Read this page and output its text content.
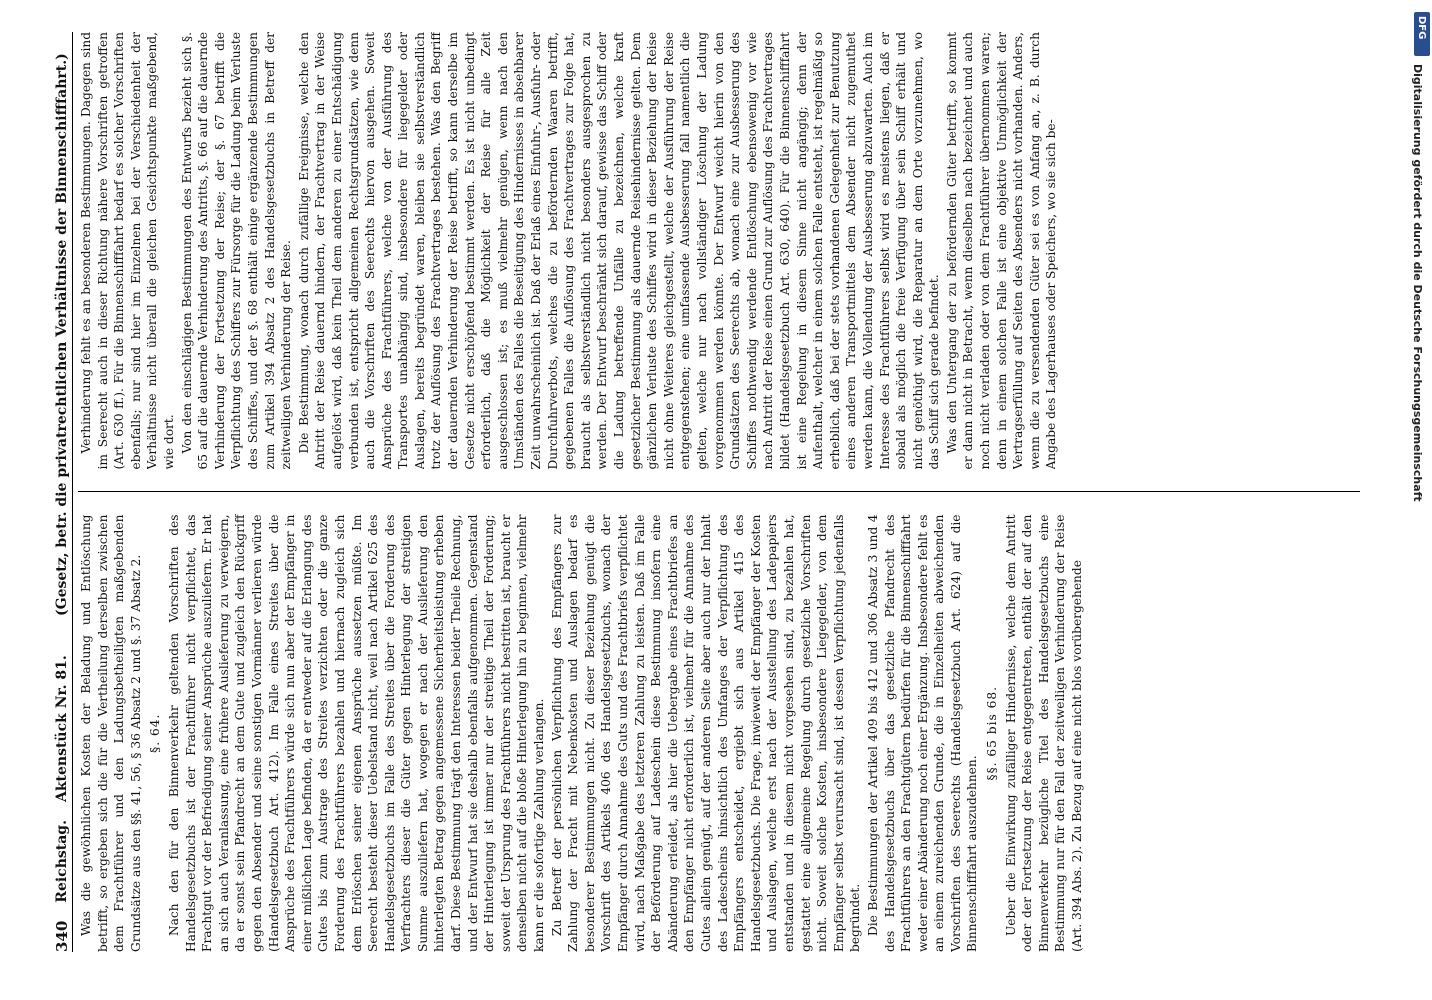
340
Reichstag.
Aktenstück Nr. 81.
(Gesetz, betr. die privatrechtlichen Verhältnisse der Binnenschifffahrt.)

Was die gewöhnlichen Kosten der Beladung und Entlöschung betrifft, so ergeben sich die für die Vertheilung derselben zwischen dem Frachtführer und den Ladungsbetheiligten maßgebenden Grundsätze aus den §§. 41, 56, § 36 Absatz 2 und §. 37 Absatz 2. §. 64. Nach den für den Binnenverkehr geltenden Vorschriften des Handelsgesetzbuchs ist der Frachtführer nicht verpflichtet, das Frachtgut vor der Befriedigung seiner Ansprüche auszuliefern. Er hat an sich auch Veranlassung, eine frühere Auslieferung zu verweigern, da er sonst sein Pfandrecht an dem Gute und zugleich den Rückgriff gegen den Absender und seine sonstigen Vormänner verlieren würde (Handelsgesetzbuch Art. 412). Im Falle eines Streites über die Ansprüche des Frachtführers würde sich nun aber der Empfänger in einer mißlichen Lage befinden, da er entweder auf die Erlangung des Gutes bis zum Austrage des Streites verzichten oder die ganze Forderung des Frachtführers bezahlen und hiernach zugleich sich dem Erlöschen seiner eigenen Ansprüche aussetzen müßte. Im Seerecht besteht dieser Uebelstand nicht, weil nach Artikel 625 des Handelsgesetzbuchs im Falle des Streites über die Forderung des Verfrachters dieser die Güter gegen Hinterlegung der streitigen Summe auszuliefern hat, wogegen er nach der Auslieferung den hinterlegten Betrag gegen angemessene Sicherheitsleistung erheben darf. Diese Bestimmung trägt den Interessen beider Theile Rechnung, und der Entwurf hat sie deshalb ebenfalls aufgenommen. Gegenstand der Hinterlegung ist immer nur der streitige Theil der Forderung; soweit der Ursprung des Frachtführers nicht bestritten ist, braucht er denselben nicht auf die bloße Hinterlegung hin zu beginnen, vielmehr kann er die sofortige Zahlung verlangen. Zu Betreff der persönlichen Verpflichtung des Empfängers zur Zahlung der Fracht mit Nebenkosten und Auslagen bedarf es besonderer Bestimmungen nicht. Zu dieser Beziehung genügt die Vorschrift des Artikels 406 des Handelsgesetzbuchs, wonach der Empfänger durch Annahme des Guts und des Frachtbriefs verpflichtet wird, nach Maßgabe des letzteren Zahlung zu leisten. Daß im Falle der Beförderung auf Ladeschein diese Bestimmung insofern eine Abänderung erleidet, als hier die Uebergabe eines Frachtbriefes an den Empfänger nicht erforderlich ist, vielmehr für die Annahme des Gutes allein genügt, auf der anderen Seite aber auch nur der Inhalt des Ladescheins hinsichtlich des Umfanges der Verpflichtung des Empfängers entscheidet, ergiebt sich aus Artikel 415 des Handelsgesetzbuchs. Die Frage, inwieweit der Empfänger der Kosten und Auslagen, welche erst nach der Ausstellung des Ladepapiers entstanden und in diesem nicht vorgesehen sind, zu bezahlen hat, gestattet eine allgemeine Regelung durch gesetzliche Vorschriften nicht. Soweit solche Kosten, insbesondere Liegegelder, von dem Empfänger selbst verursacht sind, ist dessen Verpflichtung jedenfalls begründet. Die Bestimmungen der Artikel 409 bis 412 und 306 Absatz 3 und 4 des Handelsgesetzbuchs über das gesetzliche Pfandrecht des Frachtführers an den Frachtgütern bedürfen für die Binnenschifffahrt weder einer Abänderung noch einer Ergänzung. Insbesondere fehlt es an einem zureichenden Grunde, die in Einzelheiten abweichenden Vorschriften des Seerechts (Handelsgesetzbuch Art. 624) auf die Binnenschifffahrt auszudehnen.

§§. 65 bis 68. Ueber die Einwirkung zufälliger Hindernisse, welche dem Antritt oder der Fortsetzung der Reise entgegentreten, enthält der auf den Binnenverkehr bezügliche Titel des Handelsgesetzbuchs eine Bestimmung nur für den Fall der zeitweiligen Verhinderung der Reise (Art. 394 Abs. 2). Zu Bezug auf eine nicht blos vorübergehende

Verhinderung fehlt es an besonderen Bestimmungen. Dagegen sind im Seerecht auch in dieser Richtung nähere Vorschriften getroffen (Art. 630 ff.). Für die Binnenschifffahrt bedarf es solcher Vorschriften ebenfalls; nur sind hier im Einzelnen bei der Verschiedenheit der Verhältnisse nicht überall die gleichen Gesichtspunkte maßgebend, wie dort. Von den einschlägigen Bestimmungen des Entwurfs bezieht sich §. 65 auf die dauernde Verhinderung des Antritts, §. 66 auf die dauernde Verhinderung der Fortsetzung der Reise; der §. 67 betrifft die Verpflichtung des Schiffers zur Fürsorge für die Ladung beim Verluste des Schiffes, und der §. 68 enthält einige ergänzende Bestimmungen zum Artikel 394 Absatz 2 des Handelsgesetzbuchs in Betreff der zeitweiligen Verhinderung der Reise. Die Bestimmung, wonach durch zufällige Ereignisse, welche den Antritt der Reise dauernd hindern, der Frachtvertrag in der Weise aufgelöst wird, daß kein Theil dem anderen zu einer Entschädigung verbunden ist, entspricht allgemeinen Rechtsgrundsätzen, wie denn auch die Vorschriften des Seerechts hiervon ausgehen. Soweit Ansprüche des Frachtführers, welche von der Ausführung des Transportes unabhängig sind, insbesondere für liegegelder oder Auslagen, bereits begründet waren, bleiben sie selbstverständlich trotz der Auflösung des Frachtvertrages bestehen. Was den Begriff der dauernden Verhinderung der Reise betrifft, so kann derselbe im Gesetze nicht erschöpfend bestimmt werden. Es ist nicht unbedingt erforderlich, daß die Möglichkeit der Reise für alle Zeit ausgeschlossen ist; es muß vielmehr genügen, wenn nach den Umständen des Falles die Beseitigung des Hindernisses in absehbarer Zeit unwahrscheinlich ist. Daß der Erlaß eines Einfuhr-, Ausfuhr- oder Durchfuhrverbots, welches die zu befördernden Waaren betrifft, gegebenen Falles die Auflösung des Frachtvertrages zur Folge hat, braucht als selbstverständlich nicht besonders ausgesprochen zu werden. Der Entwurf beschränkt sich darauf, gewisse das Schiff oder die Ladung betreffende Unfälle zu bezeichnen, welche kraft gesetzlicher Bestimmung als dauernde Reisehindernisse gelten. Dem gänzlichen Verluste des Schiffes wird in dieser Beziehung der Reise nicht ohne Weiteres gleichgestellt, welche der Ausführung der Reise entgegenstehen; eine umfassende Ausbesserung fall namentlich die gelten, welche nur nach vollständiger Löschung der Ladung vorgenommen werden könnte. Der Entwurf weicht hierin von den Grundsätzen des Seerechts ab, wonach eine zur Ausbesserung des Schiffes nothwendig werdende Entlöschung ebensowenig vor wie nach Antritt der Reise einen Grund zur Auflösung des Frachtvertrages bildet (Handelsgesetzbuch Art. 630, 640). Für die Binnenschifffahrt ist eine Regelung in diesem Sinne nicht angängig; denn der Aufenthalt, welcher in einem solchen Falle entsteht, ist regelmäßig so erheblich, daß bei der stets vorhandenen Gelegenheit zur Benutzung eines anderen Transportmittels dem Absender nicht zugemuthet werden kann, die Vollendung der Ausbesserung abzuwarten. Auch im Interesse des Frachtführers selbst wird es meistens liegen, daß er sobald als möglich die freie Verfügung über sein Schiff erhält und nicht genöthigt wird, die Reparatur an dem Orte vorzunehmen, wo das Schiff sich gerade befindet. Was den Untergang der zu befördernden Güter betrifft, so kommt er dann nicht in Betracht, wenn dieselben nach bezeichnet und auch noch nicht verladen oder von dem Frachtführer übernommen waren; denn in einem solchen Falle ist eine objektive Unmöglichkeit der Vertragserfüllung auf Seiten des Absenders nicht vorhanden. Anders, wenn die zu versendenden Güter sei es von Anfang an, z. B. durch Angabe des Lagerhauses oder Speichers, wo sie sich be-

DFG
Digitalisierung gefördert durch die Deutsche Forschungsgemeinschaft
